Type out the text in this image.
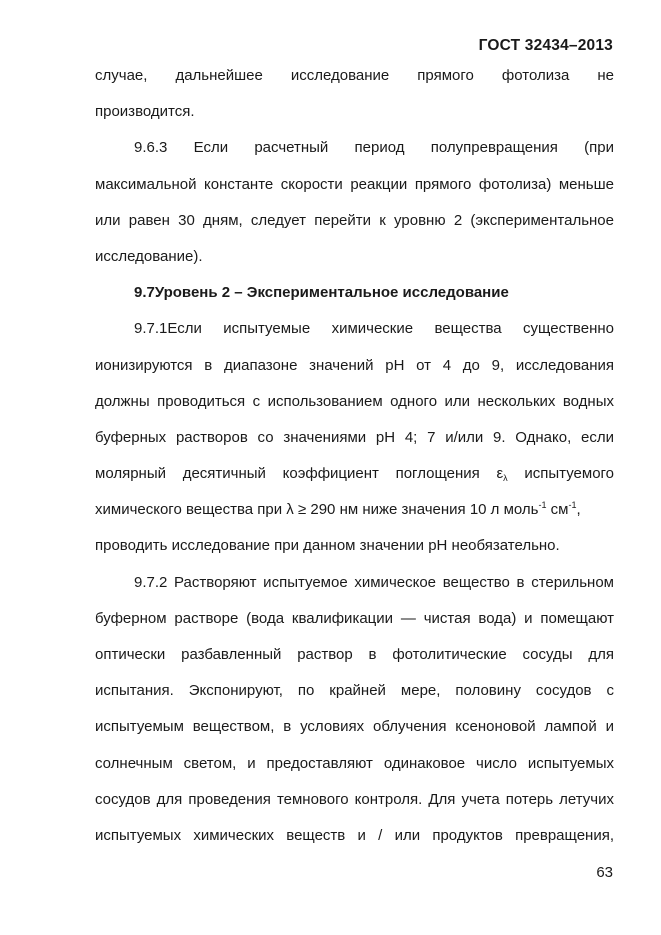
ГОСТ 32434–2013
случае, дальнейшее исследование прямого фотолиза не
производится.
9.6.3 Если расчетный период полупревращения (при
максимальной константе скорости реакции прямого фотолиза) меньше
или равен 30 дням, следует перейти к уровню 2 (экспериментальное
исследование).
9.7Уровень 2 – Экспериментальное исследование
9.7.1Если испытуемые химические вещества существенно
ионизируются в диапазоне значений pH от 4 до 9, исследования
должны проводиться с использованием одного или нескольких водных
буферных растворов со значениями pH 4; 7 и/или 9. Однако, если
молярный десятичный коэффициент поглощения $\varepsilon_\lambda$ испытуемого
химического вещества при λ ≥ 290 нм ниже значения 10 л моль$^{-1}$ $см^{-1}$,
проводить исследование при данном значении pH необязательно.
9.7.2 Растворяют испытуемое химическое вещество в стерильном
буферном растворе (вода квалификации — чистая вода) и помещают
оптически разбавленный раствор в фотолитические сосуды для
испытания. Экспонируют, по крайней мере, половину сосудов с
испытуемым веществом, в условиях облучения ксеноновой лампой и
солнечным светом, и предоставляют одинаковое число испытуемых
сосудов для проведения темнового контроля. Для учета потерь летучих
испытуемых химических веществ и / или продуктов превращения,
63
